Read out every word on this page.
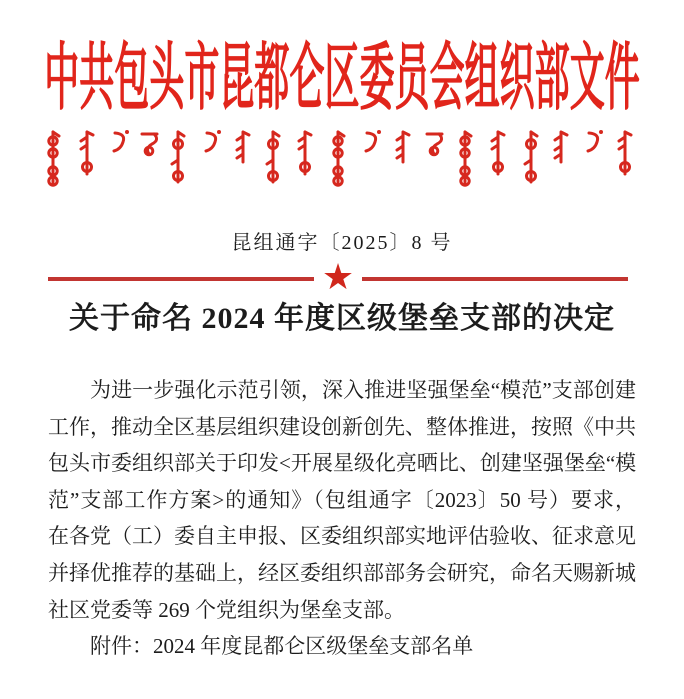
中共包头市昆都仑区委员会组织部文件
昆组通字〔2025〕8 号
★
关于命名 2024 年度区级堡垒支部的决定
为进一步强化示范引领，深入推进坚强堡垒“模范”支部创建
工作，推动全区基层组织建设创新创先、整体推进，按照《中共
包头市委组织部关于印发<开展星级化亮晒比、创建坚强堡垒“模
范”支部工作方案>的通知》（包组通字〔2023〕50 号）要求，
在各党（工）委自主申报、区委组织部实地评估验收、征求意见
并择优推荐的基础上，经区委组织部部务会研究，命名天赐新城
社区党委等 269 个党组织为堡垒支部。
附件：2024 年度昆都仑区级堡垒支部名单
